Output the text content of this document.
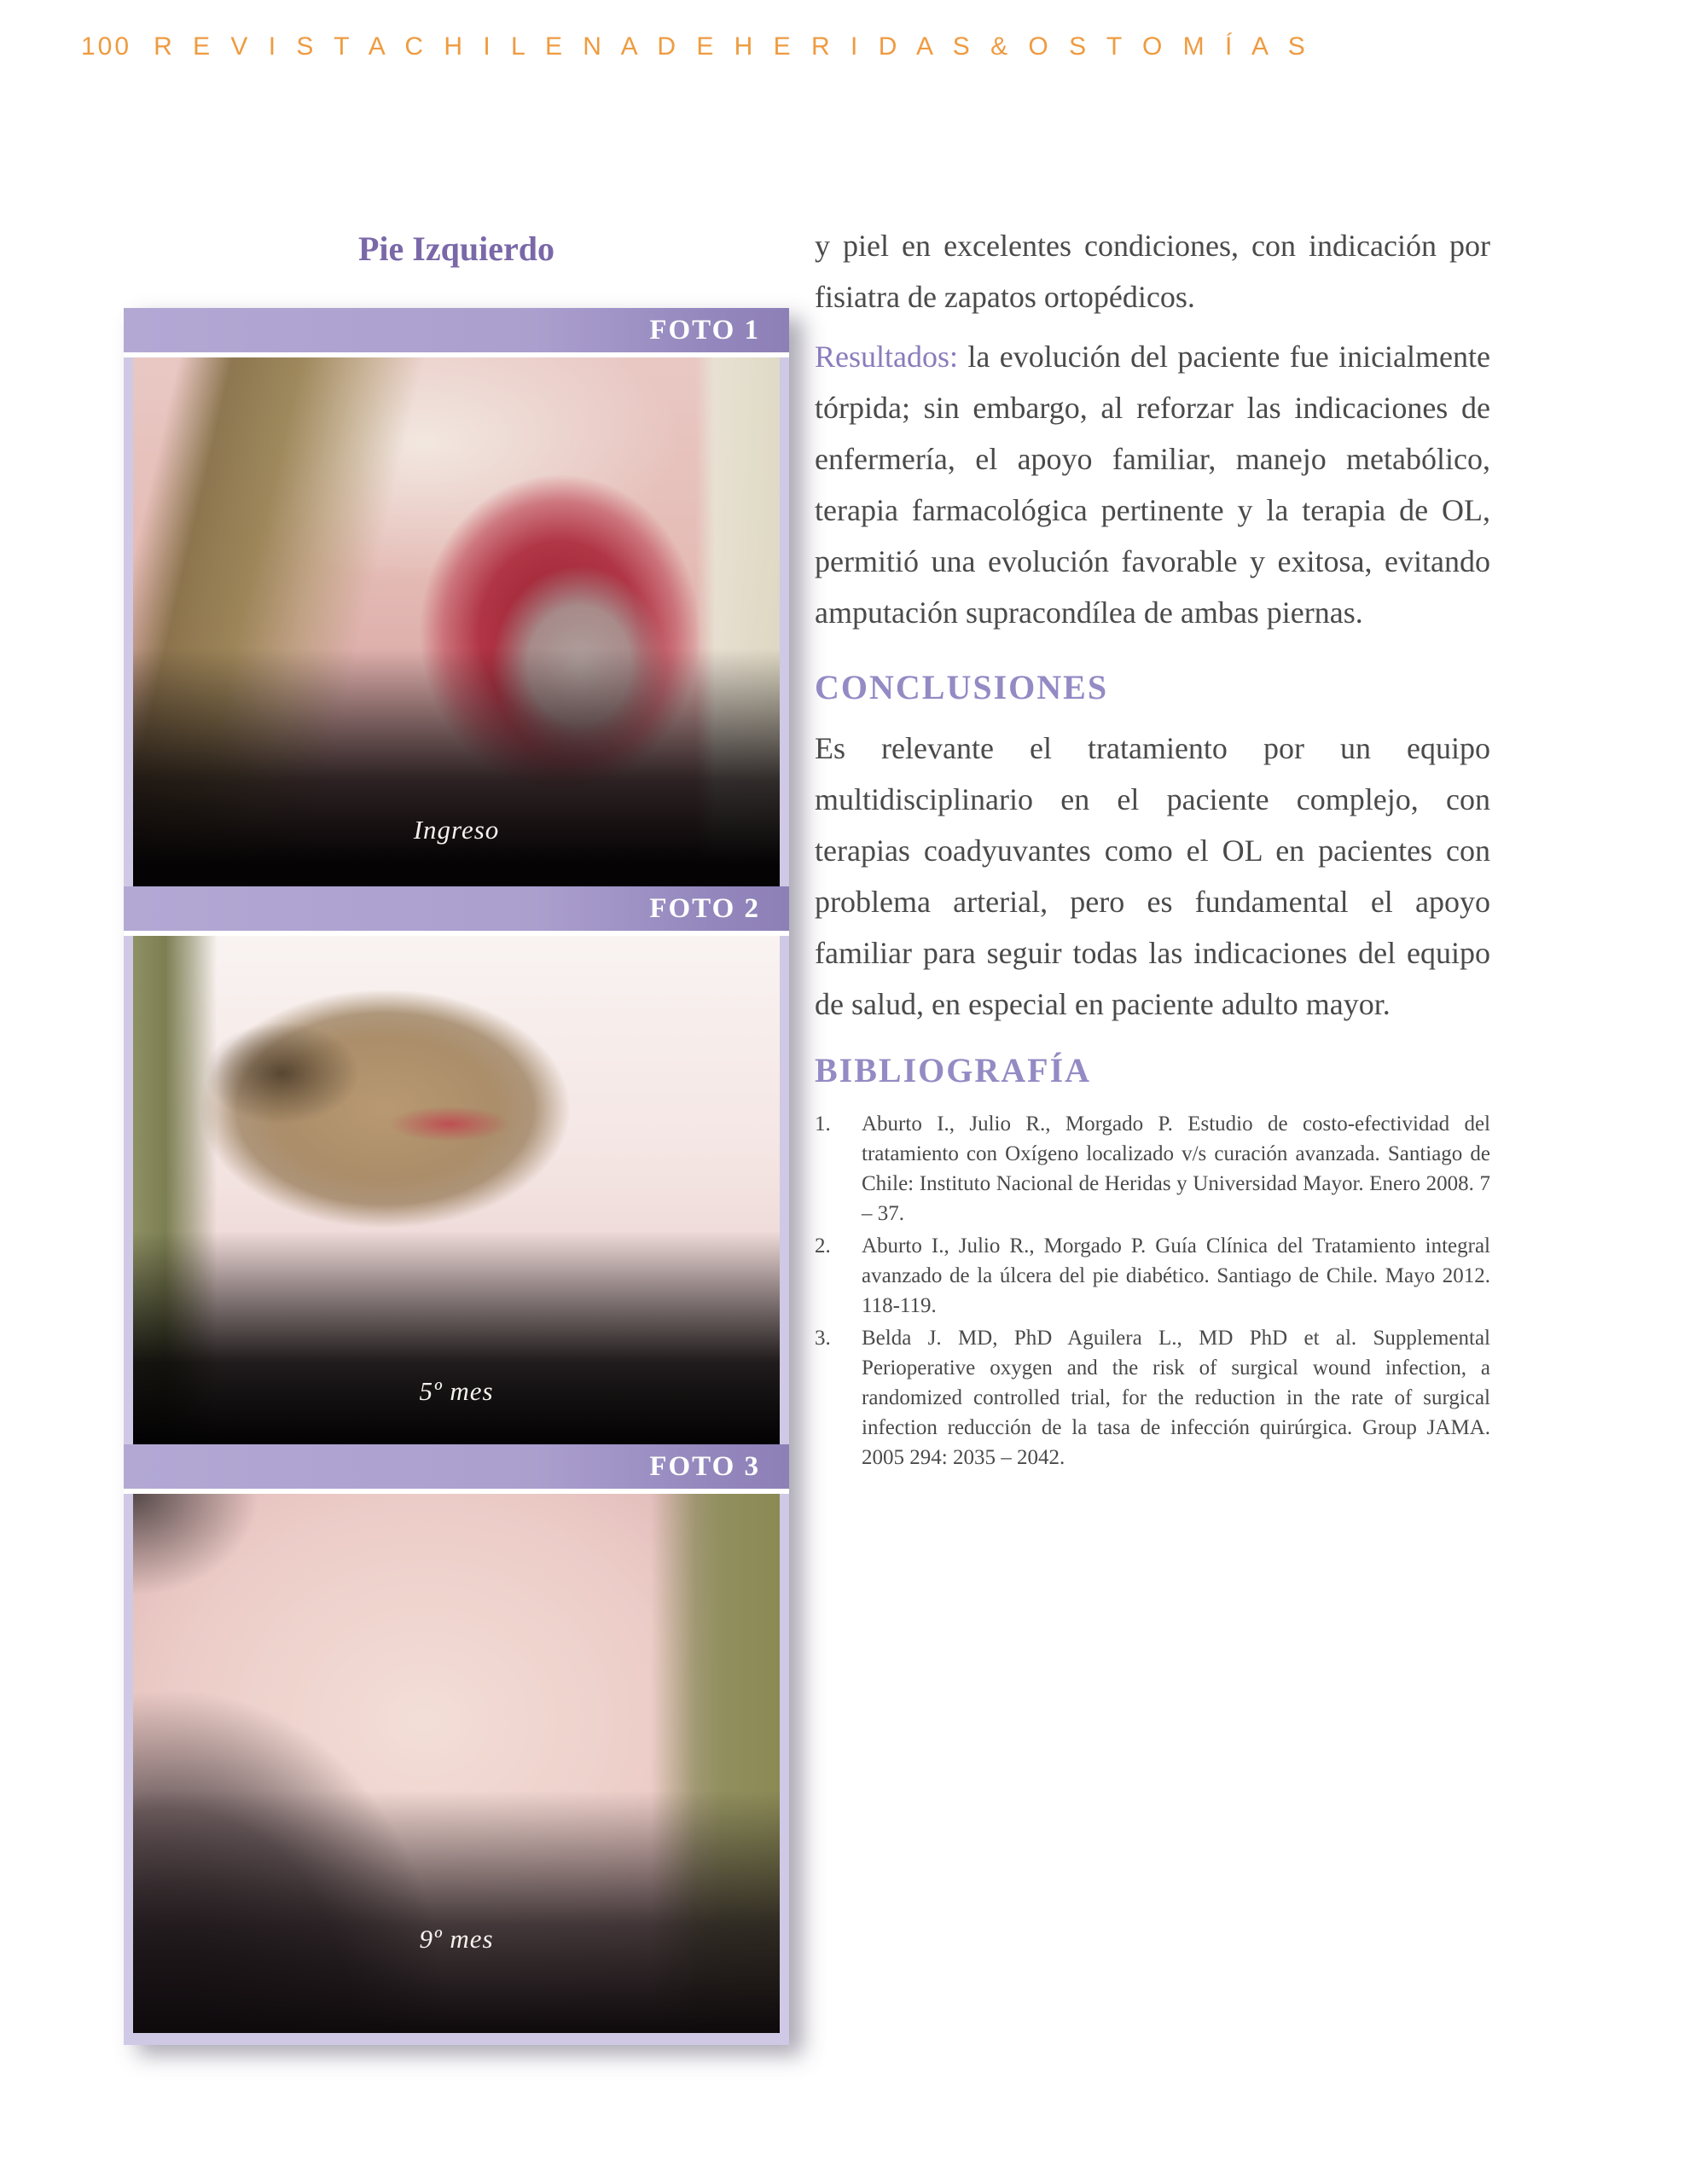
100 R E V I S T A C H I L E N A D E H E R I D A S & O S T O M Í A S
Pie Izquierdo
FOTO 1
Ingreso
FOTO 2
5º mes
FOTO 3
9º mes

y piel en excelentes condiciones, con indicación por fisiatra de zapatos ortopédicos.

Resultados: la evolución del paciente fue inicialmente tórpida; sin embargo, al reforzar las indicaciones de enfermería, el apoyo familiar, manejo metabólico, terapia farmacológica pertinente y la terapia de OL, permitió una evolución favorable y exitosa, evitando amputación supracondílea de ambas piernas.

CONCLUSIONES

Es relevante el tratamiento por un equipo multidisciplinario en el paciente complejo, con terapias coadyuvantes como el OL en pacientes con problema arterial, pero es fundamental el apoyo familiar para seguir todas las indicaciones del equipo de salud, en especial en paciente adulto mayor.

BIBLIOGRAFÍA
1.	Aburto I., Julio R., Morgado P. Estudio de costo-efectividad del tratamiento con Oxígeno localizado v/s curación avanzada. Santiago de Chile: Instituto Nacional de Heridas y Universidad Mayor. Enero 2008. 7 – 37.
2.	Aburto I., Julio R., Morgado P. Guía Clínica del Tratamiento integral avanzado de la úlcera del pie diabético. Santiago de Chile. Mayo 2012. 118-119.
3.	Belda J. MD, PhD Aguilera L., MD PhD et al. Supplemental Perioperative oxygen and the risk of surgical wound infection, a randomized controlled trial, for the reduction in the rate of surgical infection reducción de la tasa de infección quirúrgica. Group JAMA. 2005 294: 2035 – 2042.
